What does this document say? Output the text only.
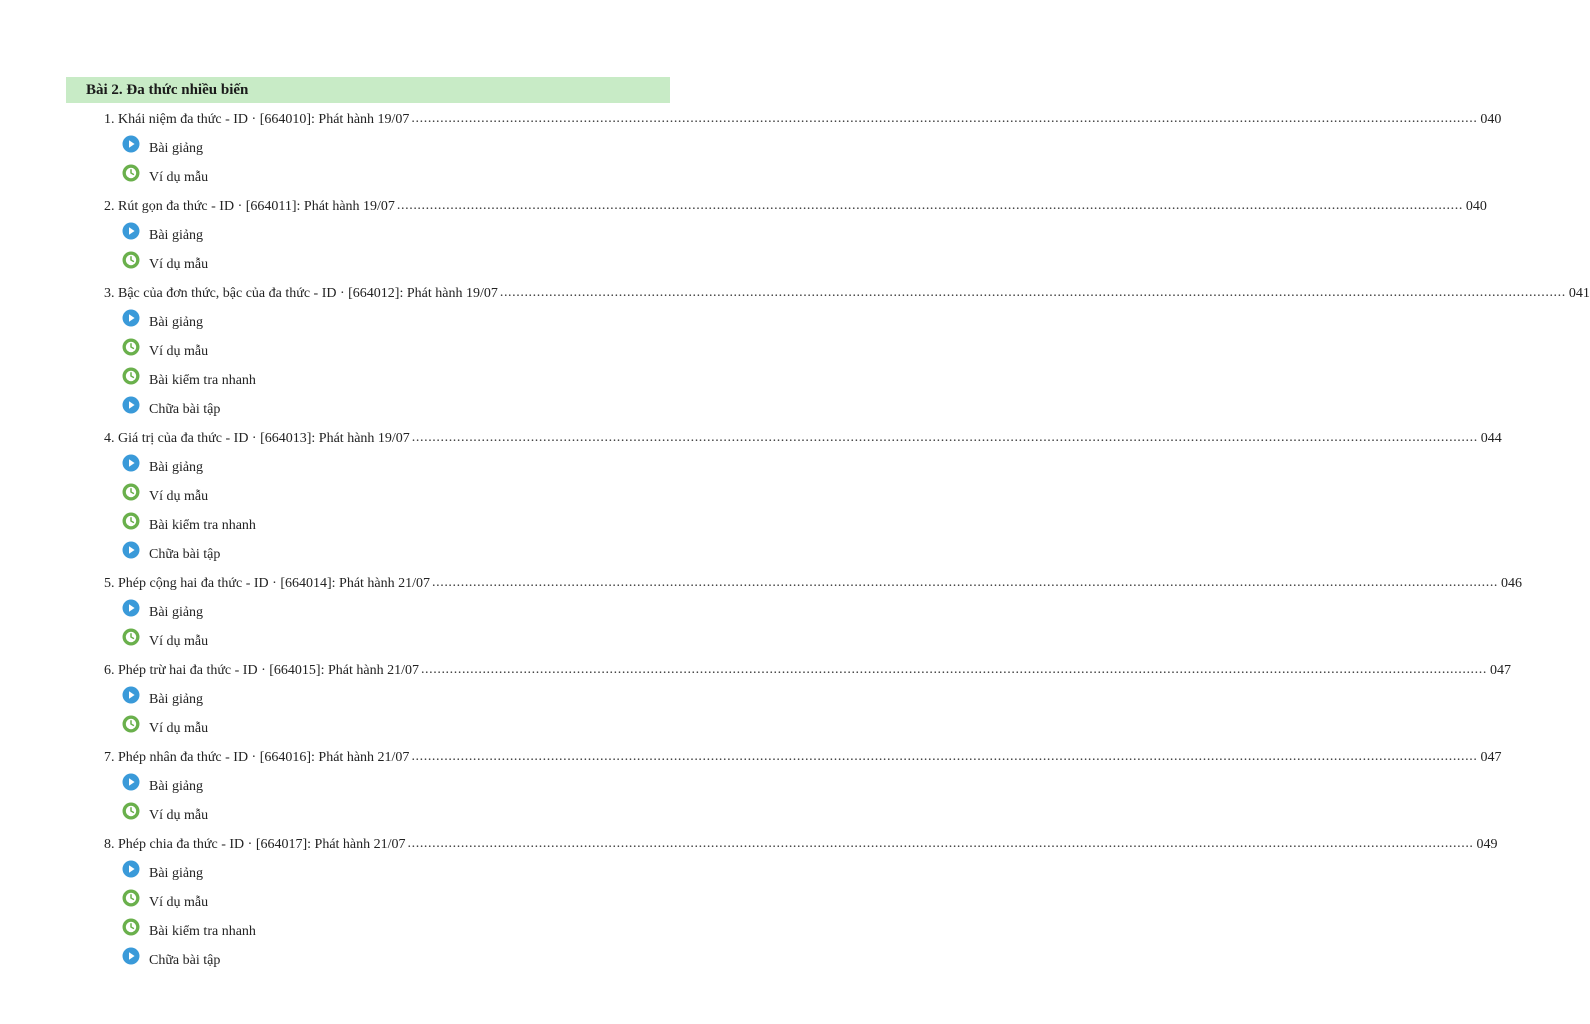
Bài 2. Đa thức nhiều biến
1. Khái niệm đa thức - ID · [664010]: Phát hành 19/07 .................................................................................................................................................................................................................................................................... 040
Bài giảng
Ví dụ mẫu
2. Rút gọn đa thức - ID · [664011]: Phát hành 19/07 .................................................................................................................................................................................................................................................................... 040
Bài giảng
Ví dụ mẫu
3. Bậc của đơn thức, bậc của đa thức - ID · [664012]: Phát hành 19/07 .................................................................................................................................................................................................................................................................... 041
Bài giảng
Ví dụ mẫu
Bài kiểm tra nhanh
Chữa bài tập
4. Giá trị của đa thức - ID · [664013]: Phát hành 19/07 .................................................................................................................................................................................................................................................................... 044
Bài giảng
Ví dụ mẫu
Bài kiểm tra nhanh
Chữa bài tập
5. Phép cộng hai đa thức - ID · [664014]: Phát hành 21/07 .................................................................................................................................................................................................................................................................... 046
Bài giảng
Ví dụ mẫu
6. Phép trừ hai đa thức - ID · [664015]: Phát hành 21/07 .................................................................................................................................................................................................................................................................... 047
Bài giảng
Ví dụ mẫu
7. Phép nhân đa thức - ID · [664016]: Phát hành 21/07 .................................................................................................................................................................................................................................................................... 047
Bài giảng
Ví dụ mẫu
8. Phép chia đa thức - ID · [664017]: Phát hành 21/07 .................................................................................................................................................................................................................................................................... 049
Bài giảng
Ví dụ mẫu
Bài kiểm tra nhanh
Chữa bài tập
